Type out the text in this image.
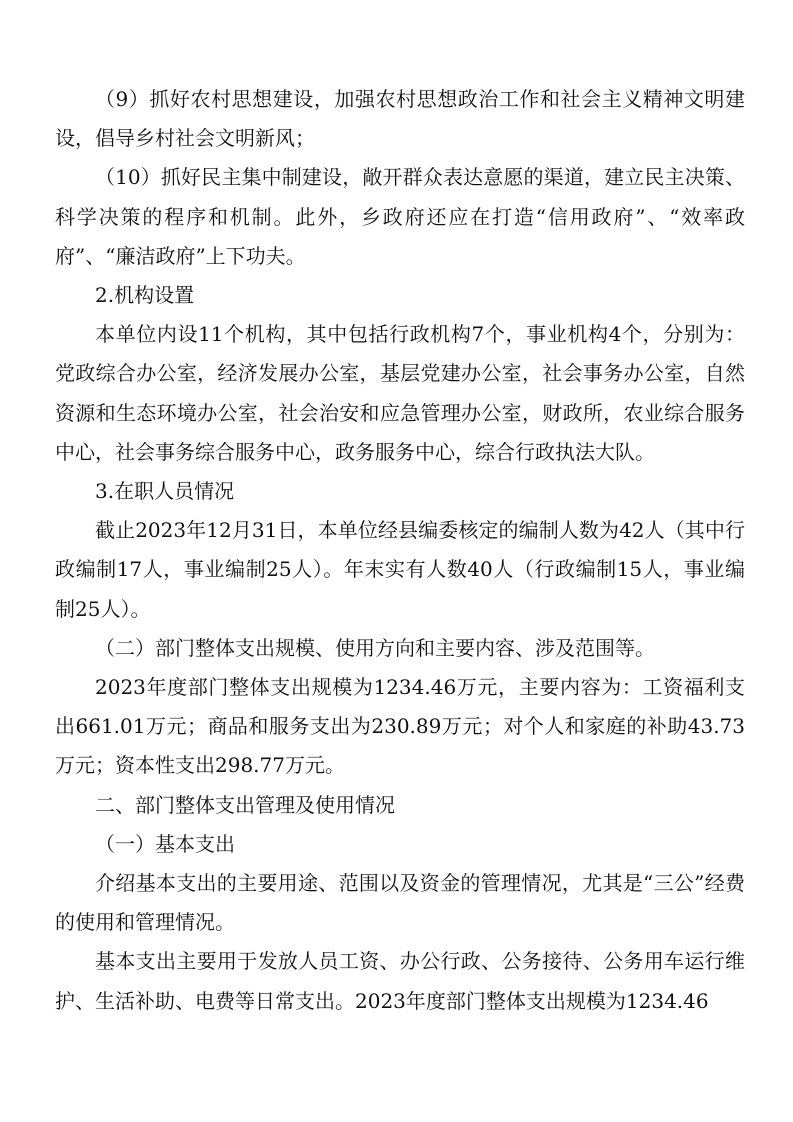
（9）抓好农村思想建设，加强农村思想政治工作和社会主义精神文明建设，倡导乡村社会文明新风；

（10）抓好民主集中制建设，敞开群众表达意愿的渠道，建立民主决策、科学决策的程序和机制。此外，乡政府还应在打造“信用政府”、“效率政府”、“廉洁政府”上下功夫。

2.机构设置

本单位内设11个机构，其中包括行政机构7个，事业机构4个，分别为：党政综合办公室，经济发展办公室，基层党建办公室，社会事务办公室，自然资源和生态环境办公室，社会治安和应急管理办公室，财政所，农业综合服务中心，社会事务综合服务中心，政务服务中心，综合行政执法大队。

3.在职人员情况

截止2023年12月31日，本单位经县编委核定的编制人数为42人（其中行政编制17人，事业编制25人）。年末实有人数40人（行政编制15人，事业编制25人）。

（二）部门整体支出规模、使用方向和主要内容、涉及范围等。

2023年度部门整体支出规模为1234.46万元，主要内容为：工资福利支出661.01万元；商品和服务支出为230.89万元；对个人和家庭的补助43.73万元；资本性支出298.77万元。

二、部门整体支出管理及使用情况

（一）基本支出

介绍基本支出的主要用途、范围以及资金的管理情况，尤其是“三公”经费的使用和管理情况。

基本支出主要用于发放人员工资、办公行政、公务接待、公务用车运行维护、生活补助、电费等日常支出。2023年度部门整体支出规模为1234.46
